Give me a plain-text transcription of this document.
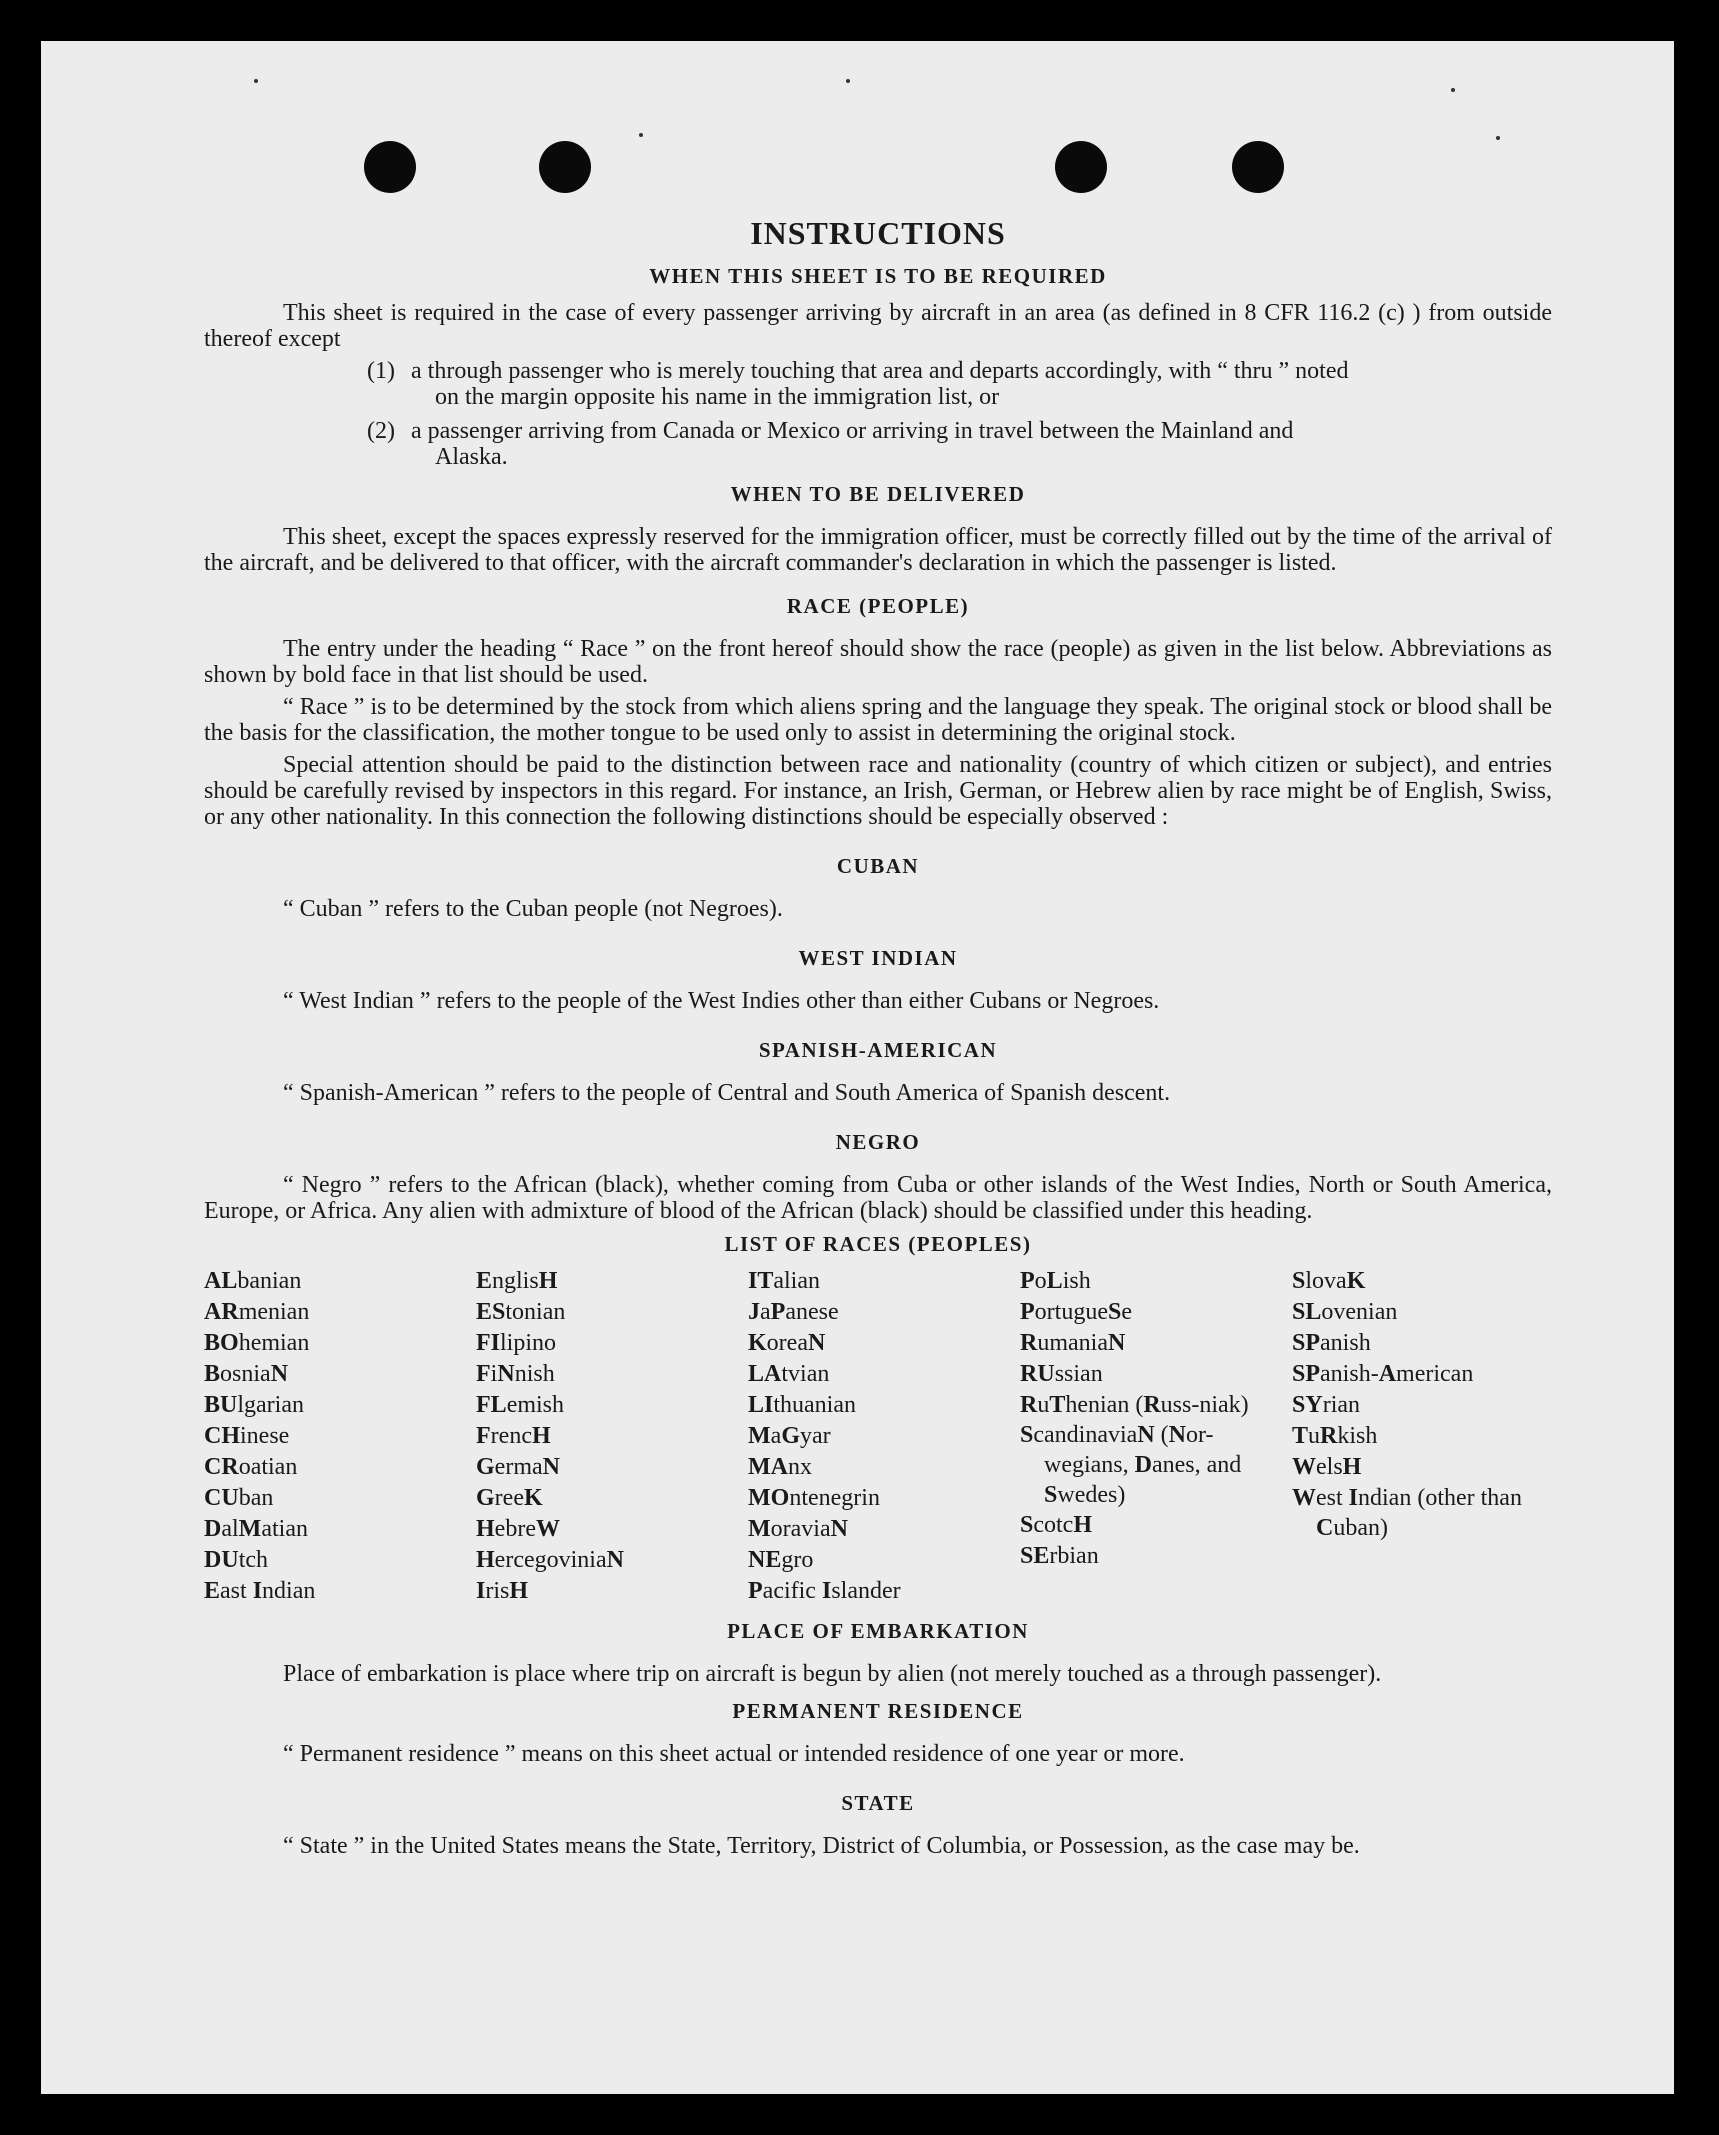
INSTRUCTIONS
WHEN THIS SHEET IS TO BE REQUIRED

This sheet is required in the case of every passenger arriving by aircraft in an area (as defined in 8 CFR 116.2 (c) ) from outside thereof except

(1) a through passenger who is merely touching that area and departs accordingly, with “ thru ” noted
on the margin opposite his name in the immigration list, or
(2) a passenger arriving from Canada or Mexico or arriving in travel between the Mainland and
Alaska.
WHEN TO BE DELIVERED

This sheet, except the spaces expressly reserved for the immigration officer, must be correctly filled out by the time of the arrival of the aircraft, and be delivered to that officer, with the aircraft commander's declaration in which the passenger is listed.

RACE (PEOPLE)

The entry under the heading “ Race ” on the front hereof should show the race (people) as given in the list below. Abbreviations as shown by bold face in that list should be used.

“ Race ” is to be determined by the stock from which aliens spring and the language they speak. The original stock or blood shall be the basis for the classification, the mother tongue to be used only to assist in determining the original stock.

Special attention should be paid to the distinction between race and nationality (country of which citizen or subject), and entries should be carefully revised by inspectors in this regard. For instance, an Irish, German, or Hebrew alien by race might be of English, Swiss, or any other nationality. In this connection the following distinctions should be especially observed :

CUBAN

“ Cuban ” refers to the Cuban people (not Negroes).

WEST INDIAN

“ West Indian ” refers to the people of the West Indies other than either Cubans or Negroes.

SPANISH-AMERICAN

“ Spanish-American ” refers to the people of Central and South America of Spanish descent.

NEGRO

“ Negro ” refers to the African (black), whether coming from Cuba or other islands of the West Indies, North or South America, Europe, or Africa. Any alien with admixture of blood of the African (black) should be classified under this heading.

LIST OF RACES (PEOPLES)
ALbanian
ARmenian
BOhemian
BosniaN
BUlgarian
CHinese
CRoatian
CUban
DalMatian
DUtch
East Indian
EnglisH
EStonian
FIlipino
FiNnish
FLemish
FrencH
GermaN
GreeK
HebreW
HercegoviniaN
IrisH
ITalian
JaPanese
KoreaN
LAtvian
LIthuanian
MaGyar
MAnx
MOntenegrin
MoraviaN
NEgro
Pacific Islander
PoLish
PortugueSe
RumaniaN
RUssian
RuThenian (Russ-niak)
ScandinaviaN (Nor-wegians, Danes, and Swedes)
ScotcH
SErbian
SlovaK
SLovenian
SPanish
SPanish-American
SYrian
TuRkish
WelsH
West Indian (other than Cuban)
PLACE OF EMBARKATION

Place of embarkation is place where trip on aircraft is begun by alien (not merely touched as a through passenger).

PERMANENT RESIDENCE

“ Permanent residence ” means on this sheet actual or intended residence of one year or more.

STATE

“ State ” in the United States means the State, Territory, District of Columbia, or Possession, as the case may be.
